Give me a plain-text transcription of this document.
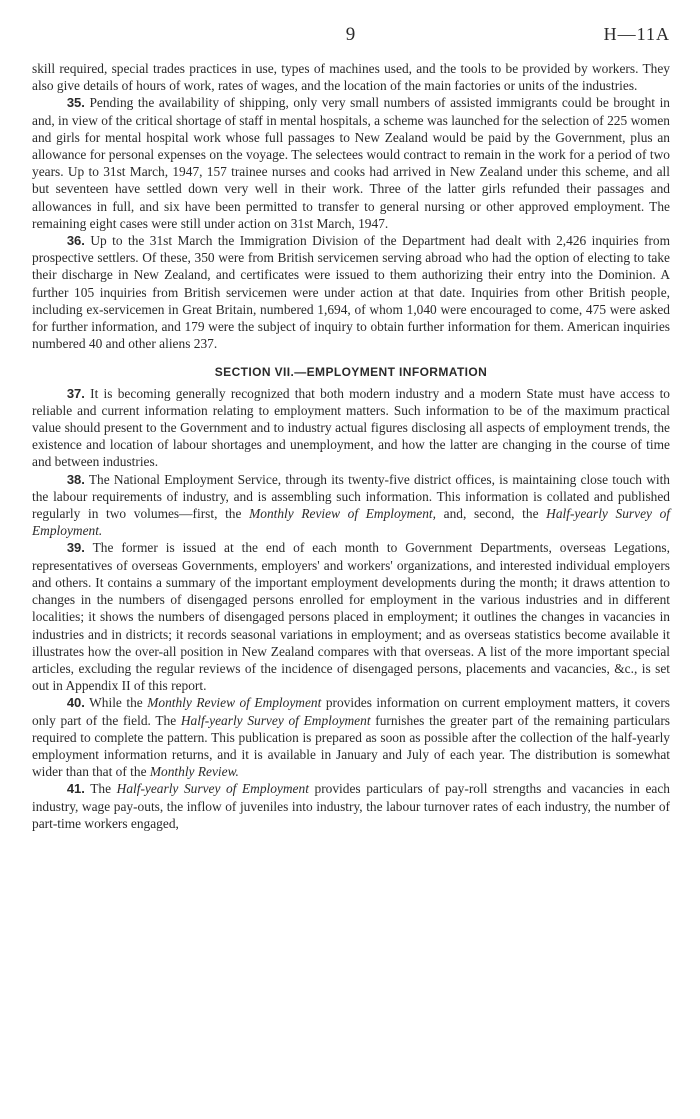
9	H—11A

skill required, special trades practices in use, types of machines used, and the tools to be provided by workers. They also give details of hours of work, rates of wages, and the location of the main factories or units of the industries.

35. Pending the availability of shipping, only very small numbers of assisted immigrants could be brought in and, in view of the critical shortage of staff in mental hospitals, a scheme was launched for the selection of 225 women and girls for mental hospital work whose full passages to New Zealand would be paid by the Government, plus an allowance for personal expenses on the voyage. The selectees would contract to remain in the work for a period of two years. Up to 31st March, 1947, 157 trainee nurses and cooks had arrived in New Zealand under this scheme, and all but seventeen have settled down very well in their work. Three of the latter girls refunded their passages and allowances in full, and six have been permitted to transfer to general nursing or other approved employment. The remaining eight cases were still under action on 31st March, 1947.

36. Up to the 31st March the Immigration Division of the Department had dealt with 2,426 inquiries from prospective settlers. Of these, 350 were from British servicemen serving abroad who had the option of electing to take their discharge in New Zealand, and certificates were issued to them authorizing their entry into the Dominion. A further 105 inquiries from British servicemen were under action at that date. Inquiries from other British people, including ex-servicemen in Great Britain, numbered 1,694, of whom 1,040 were encouraged to come, 475 were asked for further information, and 179 were the subject of inquiry to obtain further information for them. American inquiries numbered 40 and other aliens 237.

SECTION VII.—EMPLOYMENT INFORMATION

37. It is becoming generally recognized that both modern industry and a modern State must have access to reliable and current information relating to employment matters. Such information to be of the maximum practical value should present to the Government and to industry actual figures disclosing all aspects of employment trends, the existence and location of labour shortages and unemployment, and how the latter are changing in the course of time and between industries.

38. The National Employment Service, through its twenty-five district offices, is maintaining close touch with the labour requirements of industry, and is assembling such information. This information is collated and published regularly in two volumes—first, the Monthly Review of Employment, and, second, the Half-yearly Survey of Employment.

39. The former is issued at the end of each month to Government Departments, overseas Legations, representatives of overseas Governments, employers' and workers' organizations, and interested individual employers and others. It contains a summary of the important employment developments during the month; it draws attention to changes in the numbers of disengaged persons enrolled for employment in the various industries and in different localities; it shows the numbers of disengaged persons placed in employment; it outlines the changes in vacancies in industries and in districts; it records seasonal variations in employment; and as overseas statistics become available it illustrates how the over-all position in New Zealand compares with that overseas. A list of the more important special articles, excluding the regular reviews of the incidence of disengaged persons, placements and vacancies, &c., is set out in Appendix II of this report.

40. While the Monthly Review of Employment provides information on current employment matters, it covers only part of the field. The Half-yearly Survey of Employment furnishes the greater part of the remaining particulars required to complete the pattern. This publication is prepared as soon as possible after the collection of the half-yearly employment information returns, and it is available in January and July of each year. The distribution is somewhat wider than that of the Monthly Review.

41. The Half-yearly Survey of Employment provides particulars of pay-roll strengths and vacancies in each industry, wage pay-outs, the inflow of juveniles into industry, the labour turnover rates of each industry, the number of part-time workers engaged,
